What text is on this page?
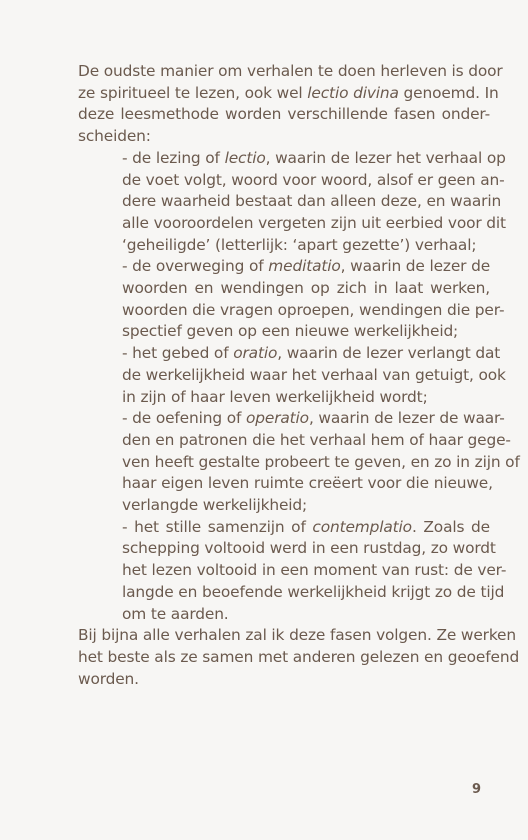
De oudste manier om verhalen te doen herleven is door
ze spiritueel te lezen, ook wel lectio divina genoemd. In
deze leesmethode worden verschillende fasen onder-
scheiden:
- de lezing of lectio, waarin de lezer het verhaal op
de voet volgt, woord voor woord, alsof er geen an-
dere waarheid bestaat dan alleen deze, en waarin
alle vooroordelen vergeten zijn uit eerbied voor dit
‘geheiligde’ (letterlijk: ‘apart gezette’) verhaal;
- de overweging of meditatio, waarin de lezer de
woorden en wendingen op zich in laat werken,
woorden die vragen oproepen, wendingen die per-
spectief geven op een nieuwe werkelijkheid;
- het gebed of oratio, waarin de lezer verlangt dat
de werkelijkheid waar het verhaal van getuigt, ook
in zijn of haar leven werkelijkheid wordt;
- de oefening of operatio, waarin de lezer de waar-
den en patronen die het verhaal hem of haar gege-
ven heeft gestalte probeert te geven, en zo in zijn of
haar eigen leven ruimte creëert voor die nieuwe,
verlangde werkelijkheid;
- het stille samenzijn of contemplatio. Zoals de
schepping voltooid werd in een rustdag, zo wordt
het lezen voltooid in een moment van rust: de ver-
langde en beoefende werkelijkheid krijgt zo de tijd
om te aarden.
Bij bijna alle verhalen zal ik deze fasen volgen. Ze werken
het beste als ze samen met anderen gelezen en geoefend
worden.
9
